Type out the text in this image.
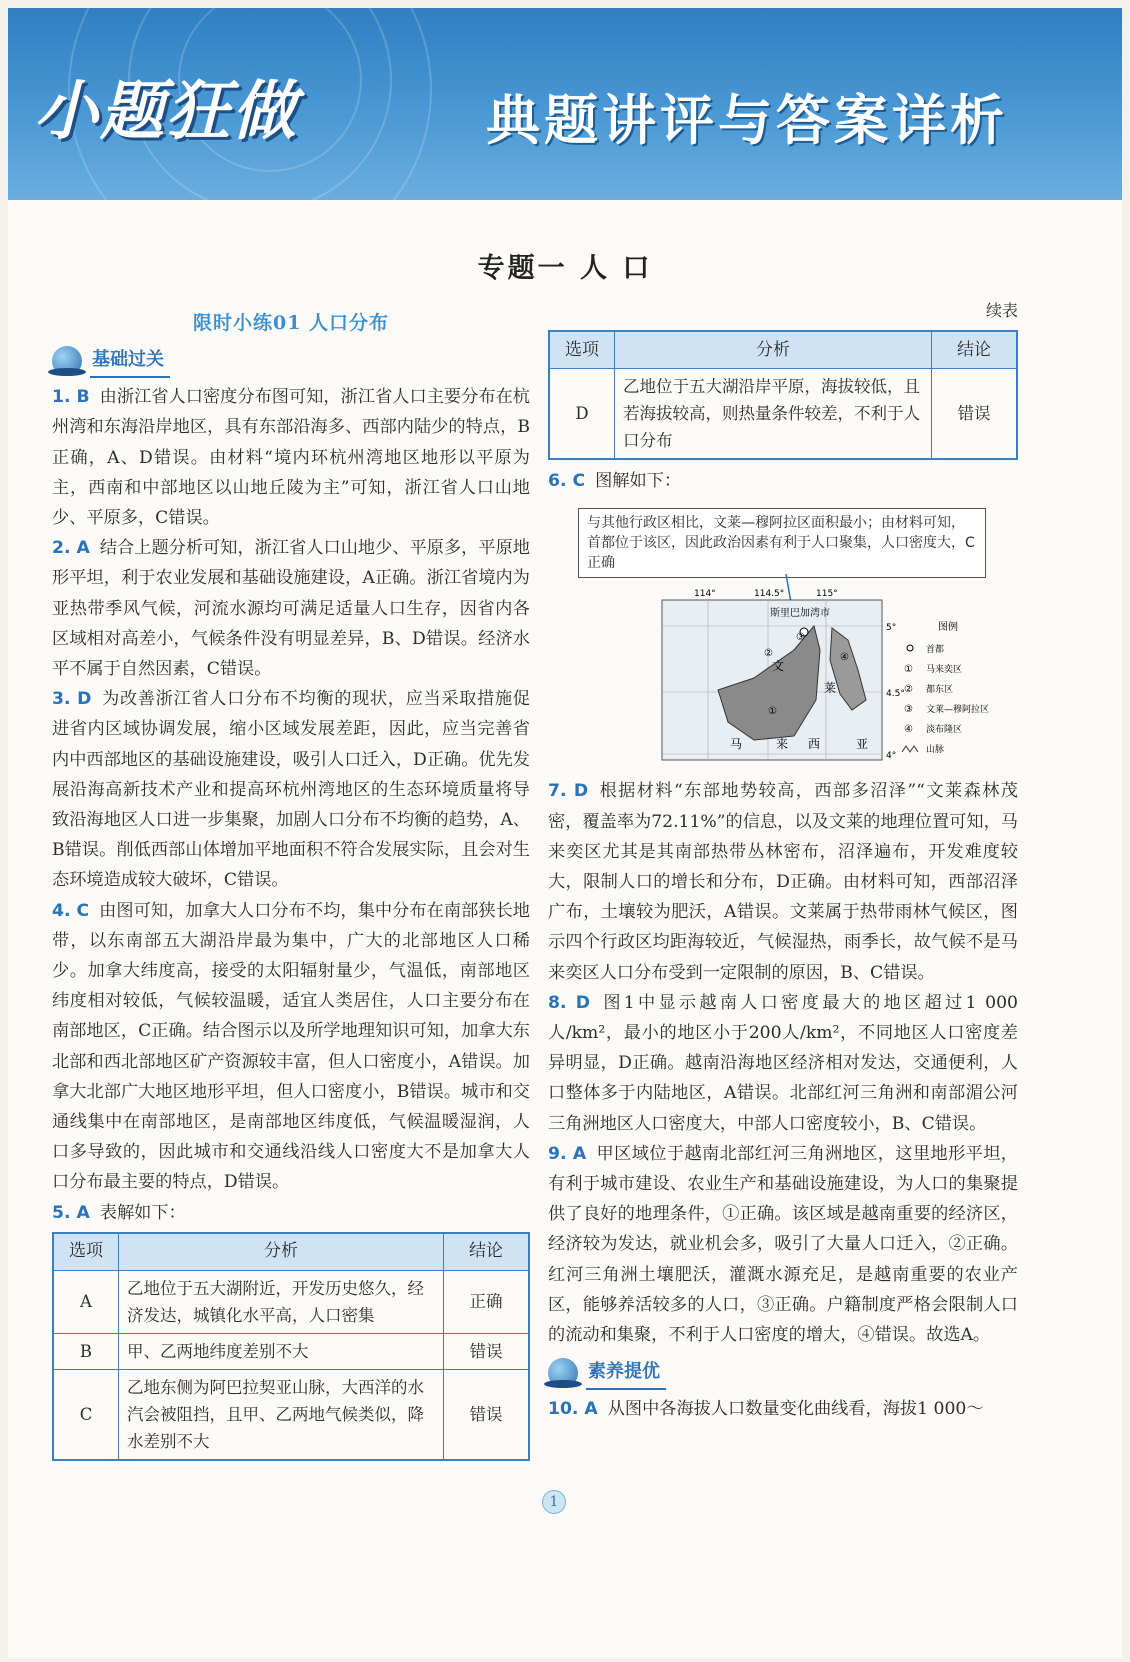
小题狂做	典题讲评与答案详析
专题一 人 口
限时小练01 人口分布
基础过关

1. B 由浙江省人口密度分布图可知，浙江省人口主要分布在杭州湾和东海沿岸地区，具有东部沿海多、西部内陆少的特点，B正确，A、D错误。由材料“境内环杭州湾地区地形以平原为主，西南和中部地区以山地丘陵为主”可知，浙江省人口山地少、平原多，C错误。

2. A 结合上题分析可知，浙江省人口山地少、平原多，平原地形平坦，利于农业发展和基础设施建设，A正确。浙江省境内为亚热带季风气候，河流水源均可满足适量人口生存，因省内各区域相对高差小，气候条件没有明显差异，B、D错误。经济水平不属于自然因素，C错误。

3. D 为改善浙江省人口分布不均衡的现状，应当采取措施促进省内区域协调发展，缩小区域发展差距，因此，应当完善省内中西部地区的基础设施建设，吸引人口迁入，D正确。优先发展沿海高新技术产业和提高环杭州湾地区的生态环境质量将导致沿海地区人口进一步集聚，加剧人口分布不均衡的趋势，A、B错误。削低西部山体增加平地面积不符合发展实际，且会对生态环境造成较大破坏，C错误。

4. C 由图可知，加拿大人口分布不均，集中分布在南部狭长地带，以东南部五大湖沿岸最为集中，广大的北部地区人口稀少。加拿大纬度高，接受的太阳辐射量少，气温低，南部地区纬度相对较低，气候较温暖，适宜人类居住，人口主要分布在南部地区，C正确。结合图示以及所学地理知识可知，加拿大东北部和西北部地区矿产资源较丰富，但人口密度小，A错误。加拿大北部广大地区地形平坦，但人口密度小，B错误。城市和交通线集中在南部地区，是南部地区纬度低，气候温暖湿润，人口多导致的，因此城市和交通线沿线人口密度大不是加拿大人口分布最主要的特点，D错误。

5. A 表解如下：

选项	分析	结论
A	乙地位于五大湖附近，开发历史悠久，经济发达，城镇化水平高，人口密集	正确
B	甲、乙两地纬度差别不大	错误
C	乙地东侧为阿巴拉契亚山脉，大西洋的水汽会被阻挡，且甲、乙两地气候类似，降水差别不大	错误

续表

选项	分析	结论
D	乙地位于五大湖沿岸平原，海拔较低，且若海拔较高，则热量条件较差，不利于人口分布	错误

6. C 图解如下：

与其他行政区相比，文莱—穆阿拉区面积最小；由材料可知，首都位于该区，因此政治因素有利于人口聚集，人口密度大，C正确
斯里巴加湾市
114°	114.5°	115°
5°
4.5°
4°
文
莱
马	来 西	亚
③
②
①
④
图例
首都
① 马来奕区
② 都东区
③ 文莱—穆阿拉区
④ 淡布隆区
山脉

7. D 根据材料“东部地势较高，西部多沼泽”“文莱森林茂密，覆盖率为72.11%”的信息，以及文莱的地理位置可知，马来奕区尤其是其南部热带丛林密布，沼泽遍布，开发难度较大，限制人口的增长和分布，D正确。由材料可知，西部沼泽广布，土壤较为肥沃，A错误。文莱属于热带雨林气候区，图示四个行政区均距海较近，气候湿热，雨季长，故气候不是马来奕区人口分布受到一定限制的原因，B、C错误。

8. D 图1中显示越南人口密度最大的地区超过1 000人/km²，最小的地区小于200人/km²，不同地区人口密度差异明显，D正确。越南沿海地区经济相对发达，交通便利，人口整体多于内陆地区，A错误。北部红河三角洲和南部湄公河三角洲地区人口密度大，中部人口密度较小，B、C错误。

9. A 甲区域位于越南北部红河三角洲地区，这里地形平坦，有利于城市建设、农业生产和基础设施建设，为人口的集聚提供了良好的地理条件，①正确。该区域是越南重要的经济区，经济较为发达，就业机会多，吸引了大量人口迁入，②正确。红河三角洲土壤肥沃，灌溉水源充足，是越南重要的农业产区，能够养活较多的人口，③正确。户籍制度严格会限制人口的流动和集聚，不利于人口密度的增大，④错误。故选A。

素养提优

10. A 从图中各海拔人口数量变化曲线看，海拔1 000～

1
